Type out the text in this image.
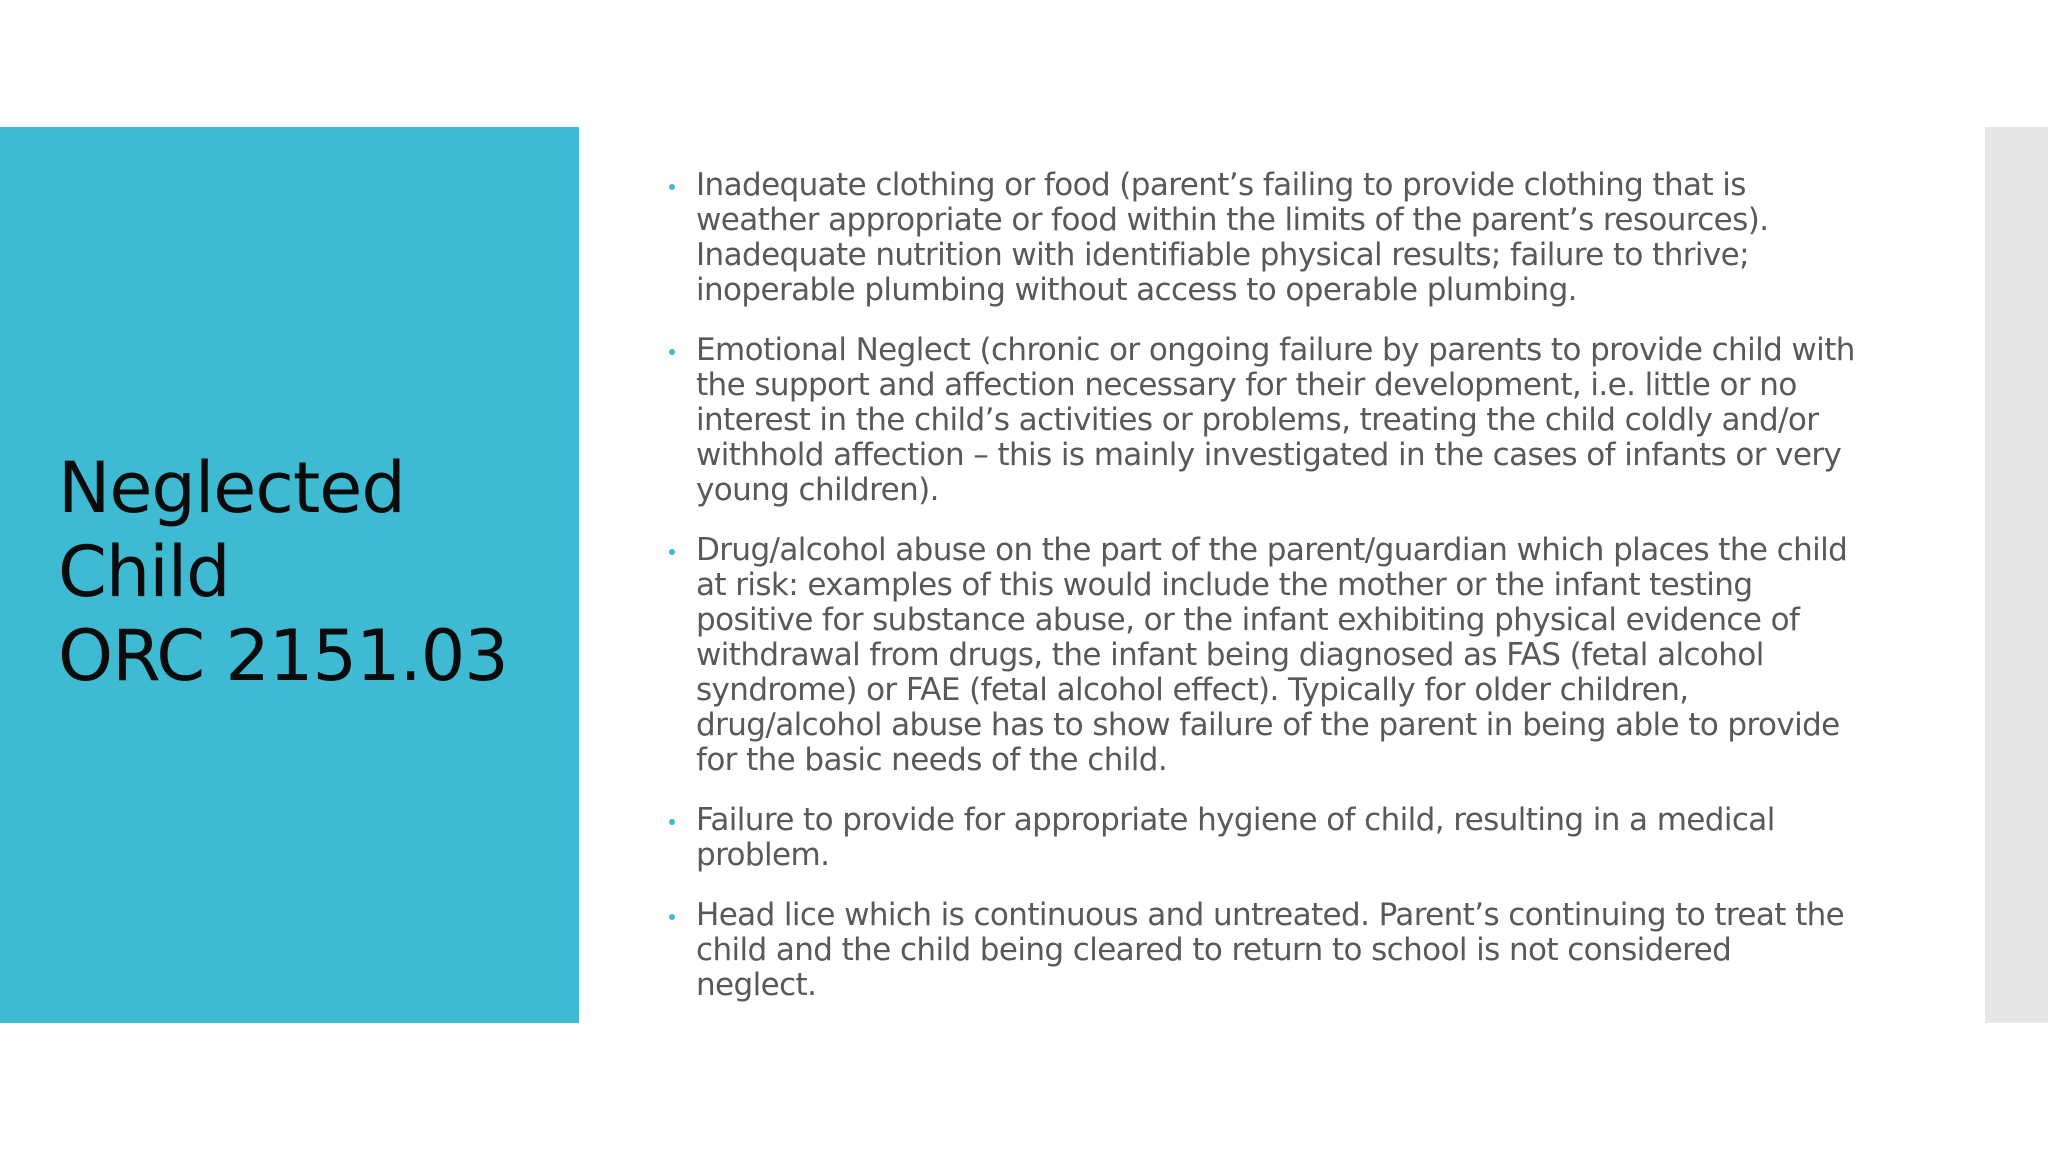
Neglected
Child
ORC 2151.03
Inadequate clothing or food (parent’s failing to provide clothing that is weather appropriate or food within the limits of the parent’s resources). Inadequate nutrition with identifiable physical results; failure to thrive; inoperable plumbing without access to operable plumbing.
Emotional Neglect (chronic or ongoing failure by parents to provide child with the support and affection necessary for their development, i.e. little or no interest in the child’s activities or problems, treating the child coldly and/or withhold affection – this is mainly investigated in the cases of infants or very young children).
Drug/alcohol abuse on the part of the parent/guardian which places the child at risk: examples of this would include the mother or the infant testing positive for substance abuse, or the infant exhibiting physical evidence of withdrawal from drugs, the infant being diagnosed as FAS (fetal alcohol syndrome) or FAE (fetal alcohol effect). Typically for older children, drug/alcohol abuse has to show failure of the parent in being able to provide for the basic needs of the child.
Failure to provide for appropriate hygiene of child, resulting in a medical problem.
Head lice which is continuous and untreated. Parent’s continuing to treat the child and the child being cleared to return to school is not considered neglect.
